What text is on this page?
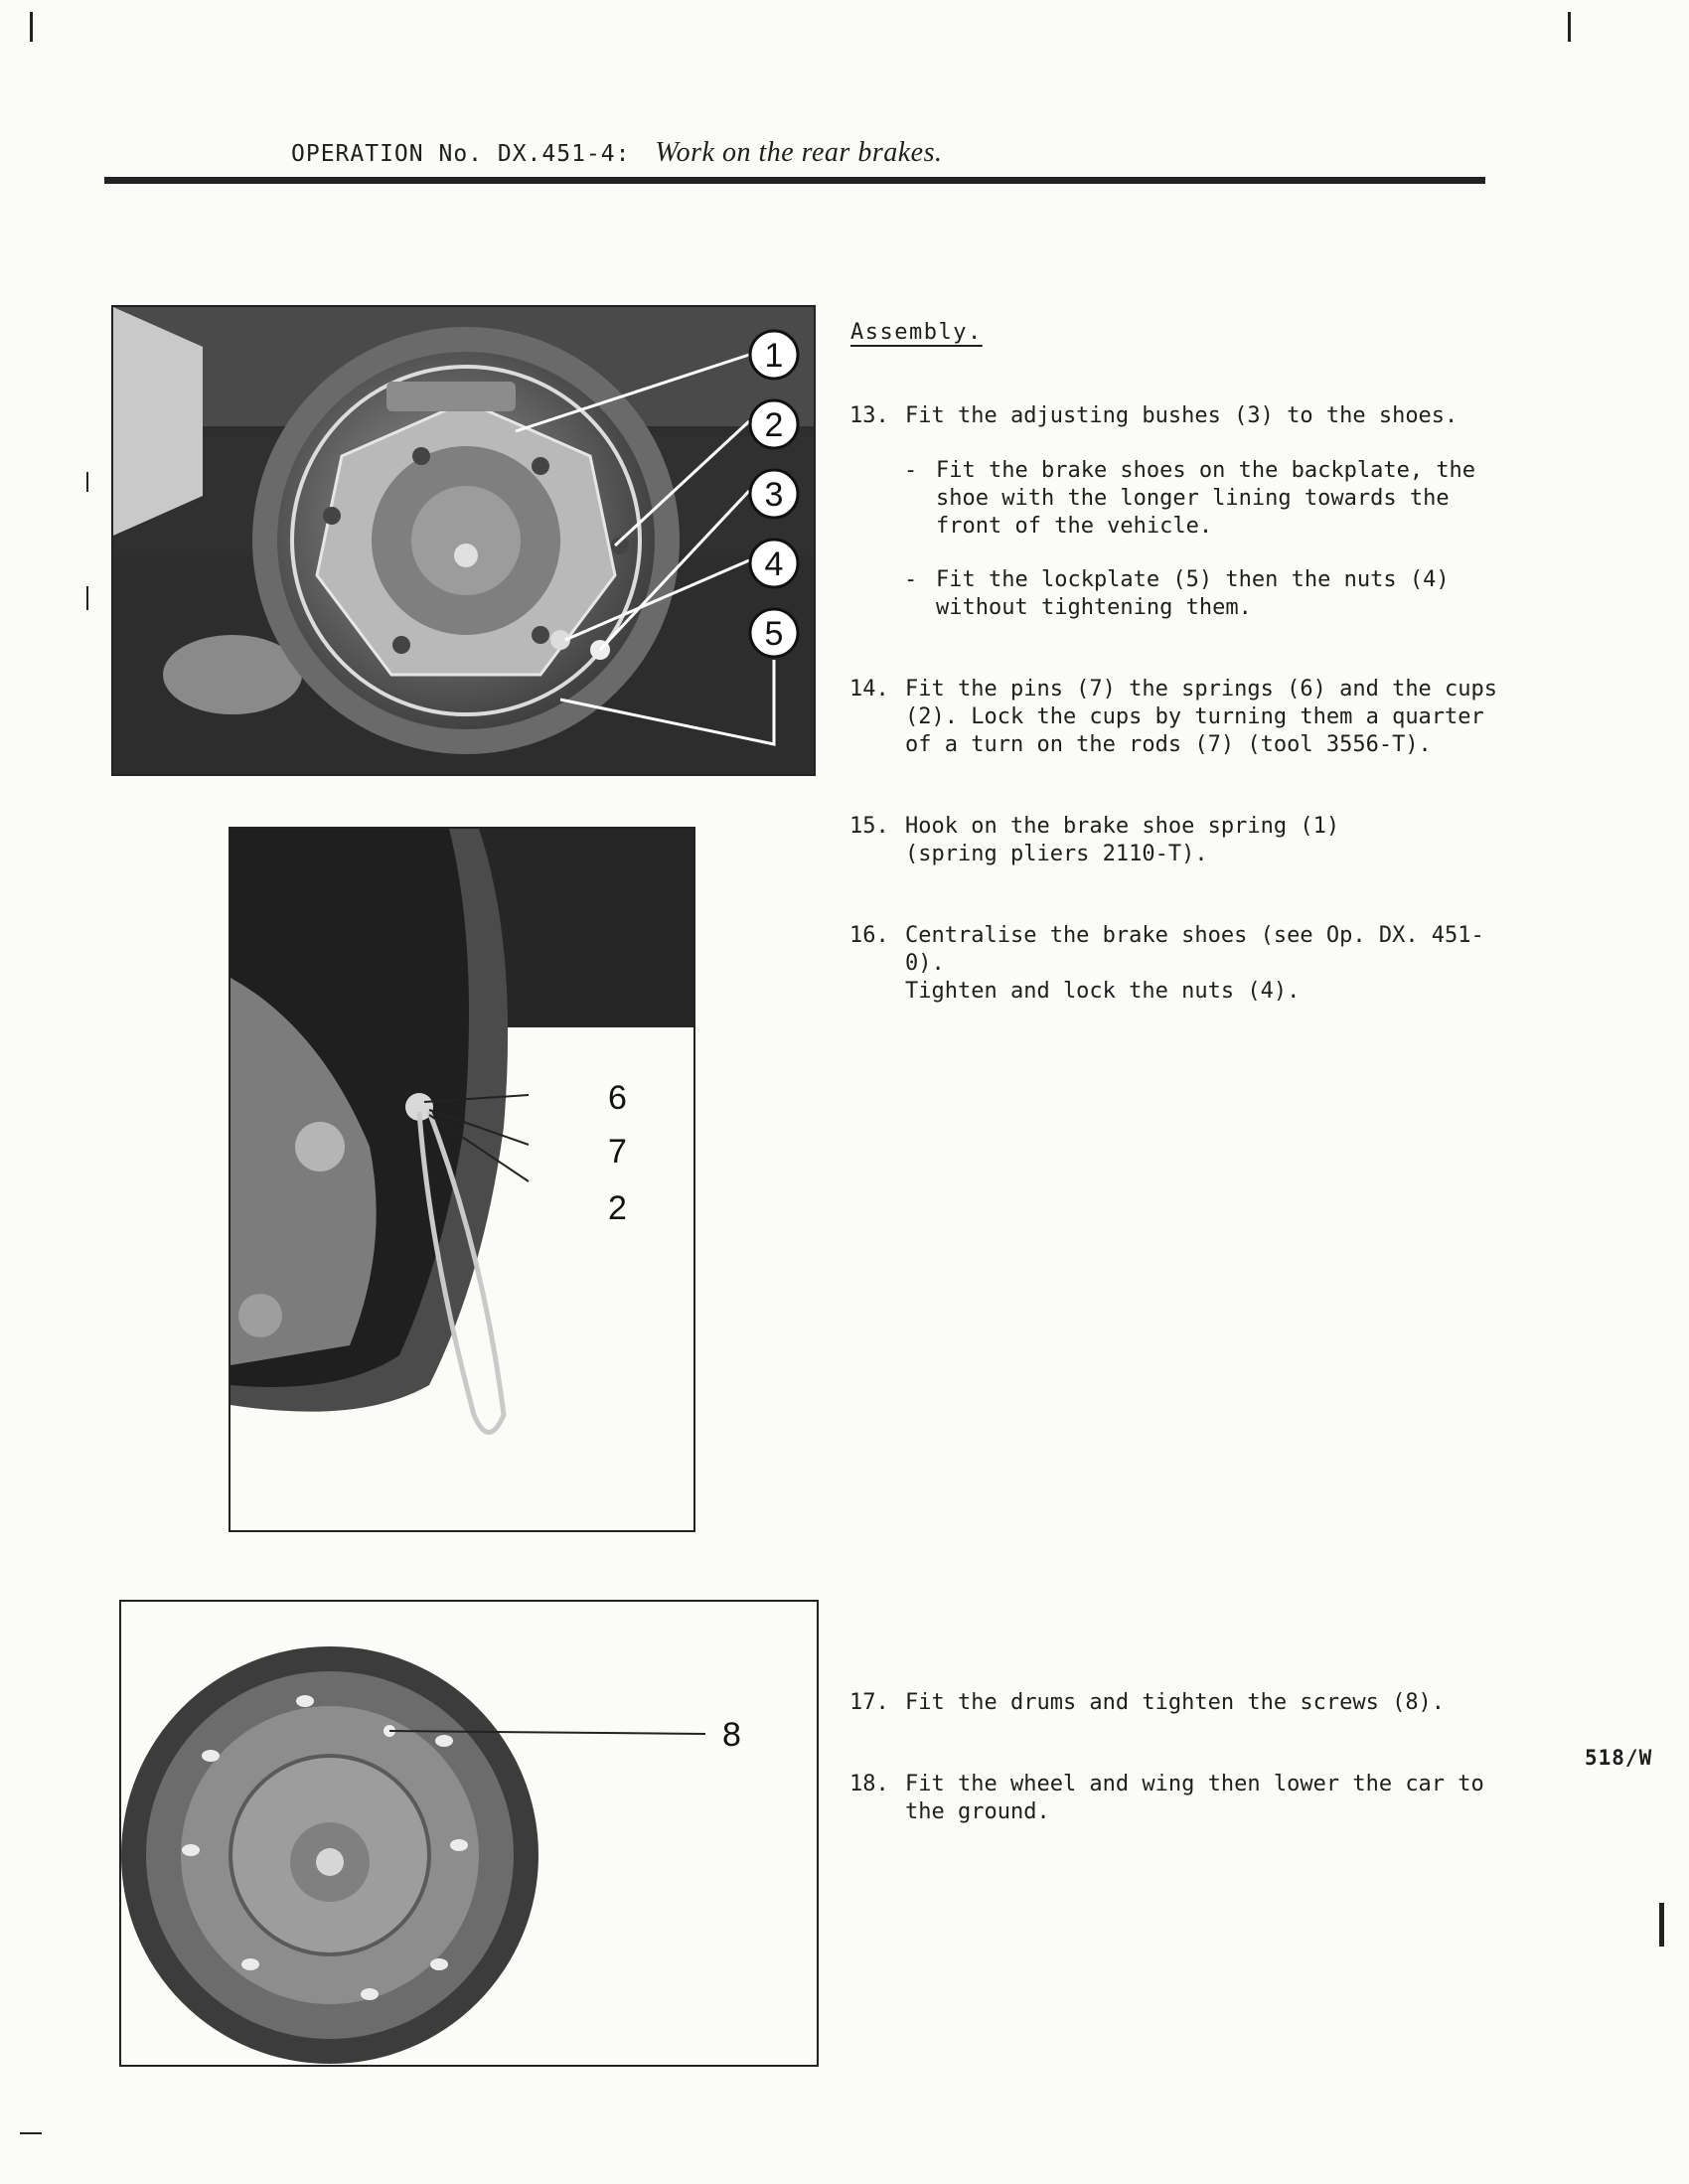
OPERATION No. DX.451-4: Work on the rear brakes.
1
2
3
4
5
6
7
2
8
Assembly.
13. Fit the adjusting bushes (3) to the shoes.

- Fit the brake shoes on the backplate, the shoe with the longer lining towards the front of the vehicle.

- Fit the lockplate (5) then the nuts (4) without tightening them.

14. Fit the pins (7) the springs (6) and the cups (2). Lock the cups by turning them a quarter of a turn on the rods (7) (tool 3556-T).

15. Hook on the brake shoe spring (1) (spring pliers 2110-T).

16. Centralise the brake shoes (see Op. DX. 451-0).

Tighten and lock the nuts (4).

17. Fit the drums and tighten the screws (8).

18. Fit the wheel and wing then lower the car to the ground.

518/W
